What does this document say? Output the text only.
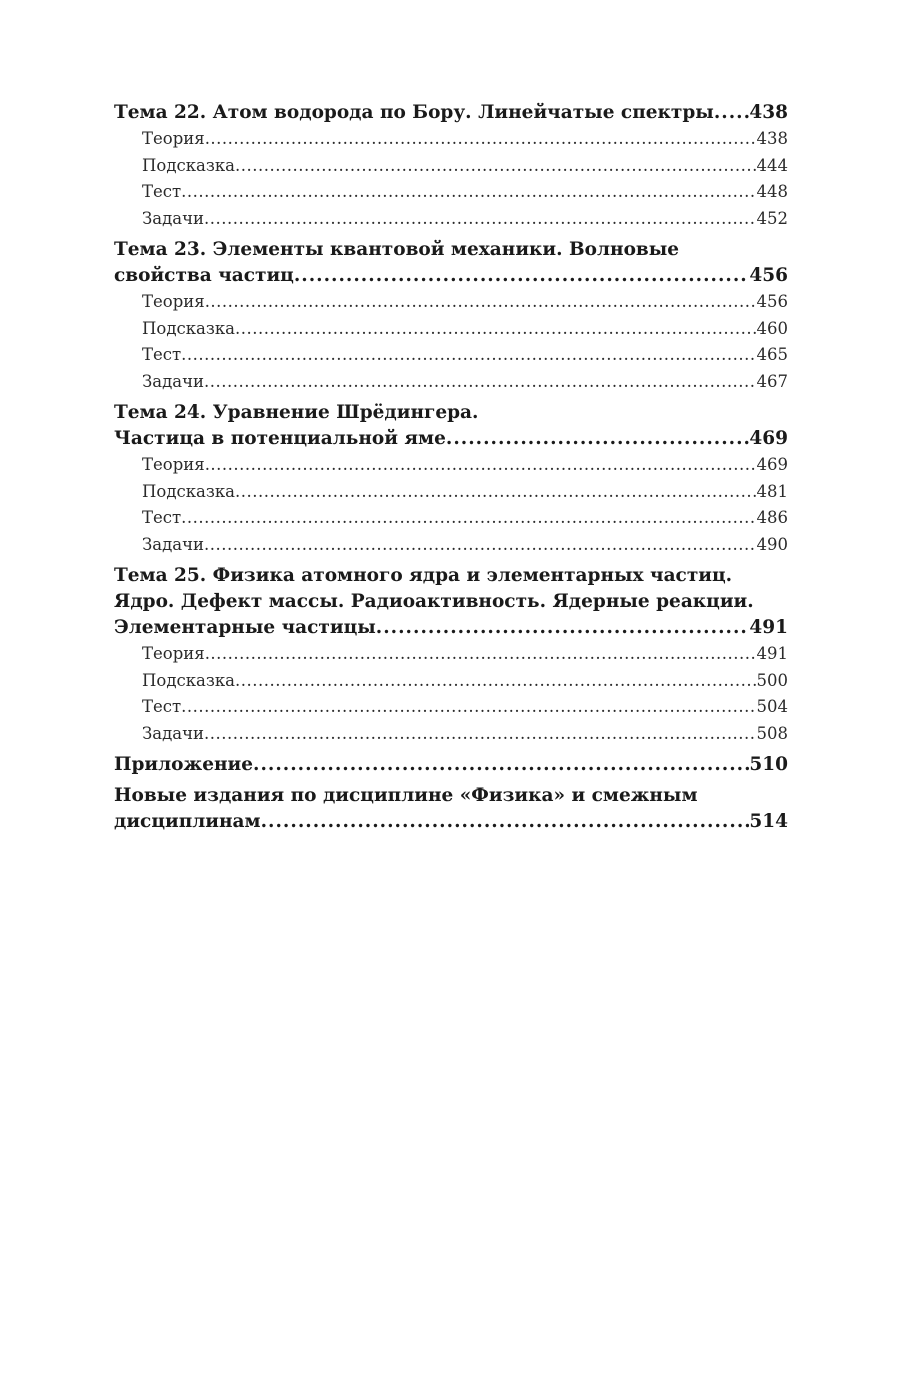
Тема 22. Атом водорода по Бору. Линейчатые спектры ..... 438
Теория .....	438
Подсказка .....	444
Тест .....	448
Задачи .....	452
Тема 23. Элементы квантовой механики. Волновые
свойства частиц .....	456
Теория .....	456
Подсказка .....	460
Тест .....	465
Задачи .....	467
Тема 24. Уравнение Шрёдингера.
Частица в потенциальной яме .....	469
Теория .....	469
Подсказка .....	481
Тест .....	486
Задачи .....	490
Тема 25. Физика атомного ядра и элементарных частиц.
Ядро. Дефект массы. Радиоактивность. Ядерные реакции.
Элементарные частицы .....	491
Теория .....	491
Подсказка .....	500
Тест .....	504
Задачи .....	508
Приложение .....	510
Новые издания по дисциплине «Физика» и смежным
дисциплинам .....	514
